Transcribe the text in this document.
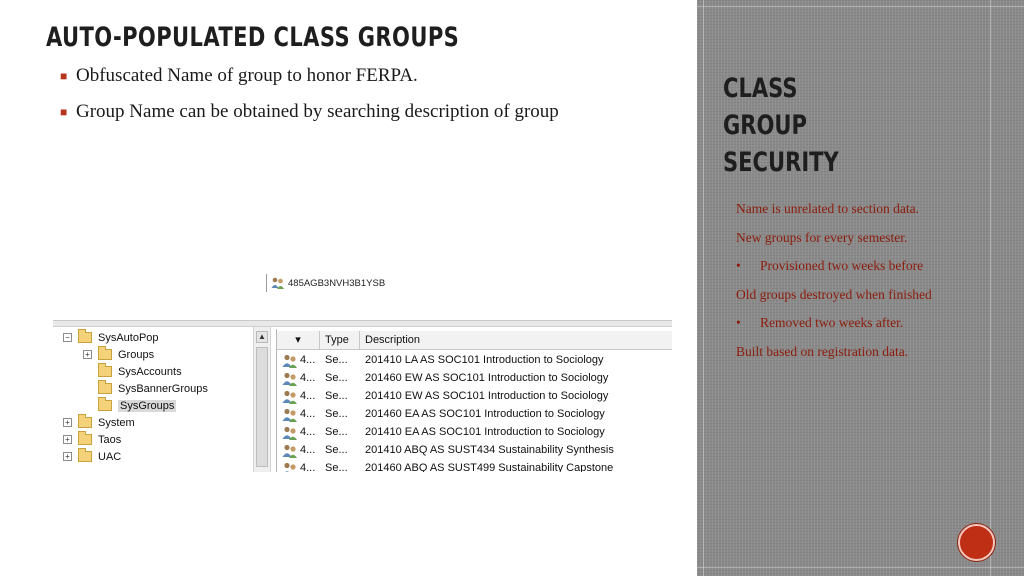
AUTO-POPULATED CLASS GROUPS
■ Obfuscated Name of group to honor FERPA.
■ Group Name can be obtained by searching description of group
485AGB3NVH3B1YSB
−	SysAutoPop
+	Groups
SysAccounts
SysBannerGroups
SysGroups
+	System
+	Taos
+	UAC
▲	▾	Type	Description
4... Se... 201410 LA AS SOC101 Introduction to Sociology
4... Se... 201460 EW AS SOC101 Introduction to Sociology
4... Se... 201410 EW AS SOC101 Introduction to Sociology
4... Se... 201460 EA AS SOC101 Introduction to Sociology
4... Se... 201410 EA AS SOC101 Introduction to Sociology
4... Se... 201410 ABQ AS SUST434 Sustainability Synthesis
4... Se... 201460 ABQ AS SUST499 Sustainability Capstone
CLASS
GROUP
SECURITY

Name is unrelated to section data.

New groups for every semester.

• Provisioned two weeks before

Old groups destroyed when finished

• Removed two weeks after.

Built based on registration data.
